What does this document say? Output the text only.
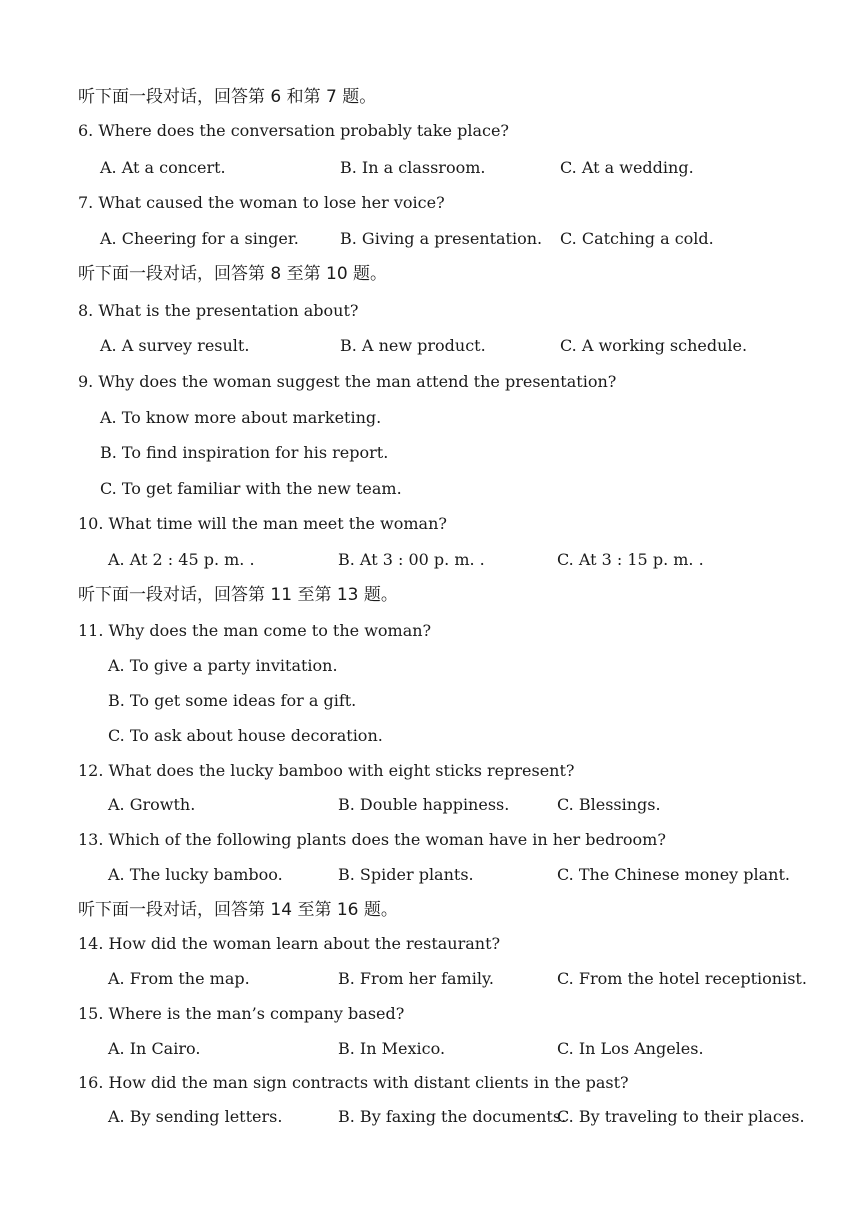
听下面一段对话，回答第 6 和第 7 题。
6. Where does the conversation probably take place?
A. At a concert.	B. In a classroom.	C. At a wedding.
7. What caused the woman to lose her voice?
A. Cheering for a singer.	B. Giving a presentation. C. Catching a cold.
听下面一段对话，回答第 8 至第 10 题。
8. What is the presentation about?
A. A survey result.	B. A new product.	C. A working schedule.
9. Why does the woman suggest the man attend the presentation?
A. To know more about marketing.
B. To find inspiration for his report.
C. To get familiar with the new team.
10. What time will the man meet the woman?
A. At 2 : 45 p. m. .	B. At 3 : 00 p. m. .	C. At 3 : 15 p. m. .
听下面一段对话，回答第 11 至第 13 题。
11. Why does the man come to the woman?
A. To give a party invitation.
B. To get some ideas for a gift.
C. To ask about house decoration.
12. What does the lucky bamboo with eight sticks represent?
A. Growth.	B. Double happiness.	C. Blessings.
13. Which of the following plants does the woman have in her bedroom?
A. The lucky bamboo.	B. Spider plants.	C. The Chinese money plant.
听下面一段对话，回答第 14 至第 16 题。
14. How did the woman learn about the restaurant?
A. From the map.	B. From her family.	C. From the hotel receptionist.
15. Where is the man’s company based?
A. In Cairo.	B. In Mexico.	C. In Los Angeles.
16. How did the man sign contracts with distant clients in the past?
A. By sending letters.	B. By faxing the documents.
C. By traveling to their places.
